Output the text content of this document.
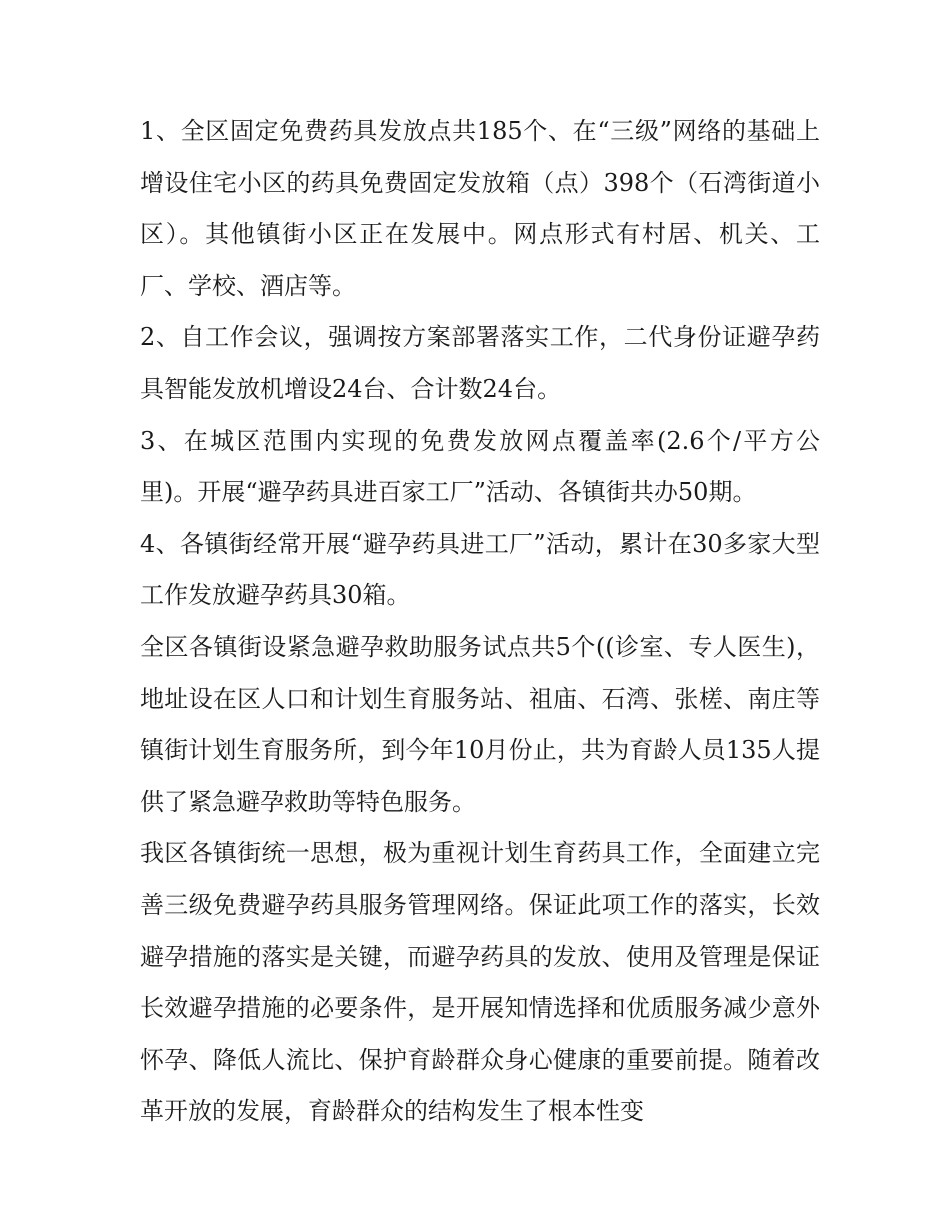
1、全区固定免费药具发放点共185个、在“三级”网络的基础上增设住宅小区的药具免费固定发放箱（点）398个（石湾街道小区）。其他镇街小区正在发展中。网点形式有村居、机关、工厂、学校、酒店等。

2、自工作会议，强调按方案部署落实工作，二代身份证避孕药具智能发放机增设24台、合计数24台。

3、在城区范围内实现的免费发放网点覆盖率(2.6个/平方公里)。开展“避孕药具进百家工厂”活动、各镇街共办50期。

4、各镇街经常开展“避孕药具进工厂”活动，累计在30多家大型工作发放避孕药具30箱。

全区各镇街设紧急避孕救助服务试点共5个((诊室、专人医生)，地址设在区人口和计划生育服务站、祖庙、石湾、张槎、南庄等镇街计划生育服务所，到今年10月份止，共为育龄人员135人提供了紧急避孕救助等特色服务。

我区各镇街统一思想，极为重视计划生育药具工作，全面建立完善三级免费避孕药具服务管理网络。保证此项工作的落实，长效避孕措施的落实是关键，而避孕药具的发放、使用及管理是保证长效避孕措施的必要条件，是开展知情选择和优质服务减少意外怀孕、降低人流比、保护育龄群众身心健康的重要前提。随着改革开放的发展，育龄群众的结构发生了根本性变
